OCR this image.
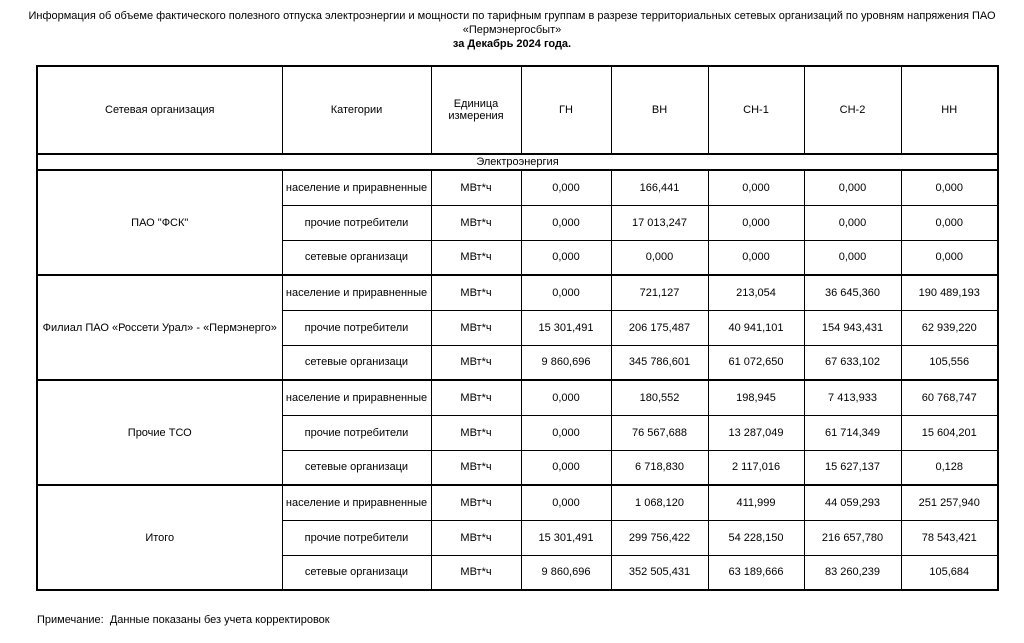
Информация об объеме фактического полезного отпуска электроэнергии и мощности по тарифным группам в разрезе территориальных сетевых организаций по уровням напряжения ПАО
«Пермэнергосбыт»
за Декабрь 2024 года.
Сетевая организация	Категории	Единица измерения	ГН	ВН	СН-1	СН-2	НН
Электроэнергия							
ПАО "ФСК"	население и приравненные	МВт*ч	0,000	166,441	0,000	0,000	0,000
	прочие потребители	МВт*ч	0,000	17 013,247	0,000	0,000	0,000
	сетевые организаци	МВт*ч	0,000	0,000	0,000	0,000	0,000
Филиал ПАО «Россети Урал» - «Пермэнерго»	население и приравненные	МВт*ч	0,000	721,127	213,054	36 645,360	190 489,193
	прочие потребители	МВт*ч	15 301,491	206 175,487	40 941,101	154 943,431	62 939,220
	сетевые организаци	МВт*ч	9 860,696	345 786,601	61 072,650	67 633,102	105,556
Прочие ТСО	население и приравненные	МВт*ч	0,000	180,552	198,945	7 413,933	60 768,747
	прочие потребители	МВт*ч	0,000	76 567,688	13 287,049	61 714,349	15 604,201
	сетевые организаци	МВт*ч	0,000	6 718,830	2 117,016	15 627,137	0,128
Итого	население и приравненные	МВт*ч	0,000	1 068,120	411,999	44 059,293	251 257,940
	прочие потребители	МВт*ч	15 301,491	299 756,422	54 228,150	216 657,780	78 543,421
	сетевые организаци	МВт*ч	9 860,696	352 505,431	63 189,666	83 260,239	105,684
Примечание:  Данные показаны без учета корректировок
